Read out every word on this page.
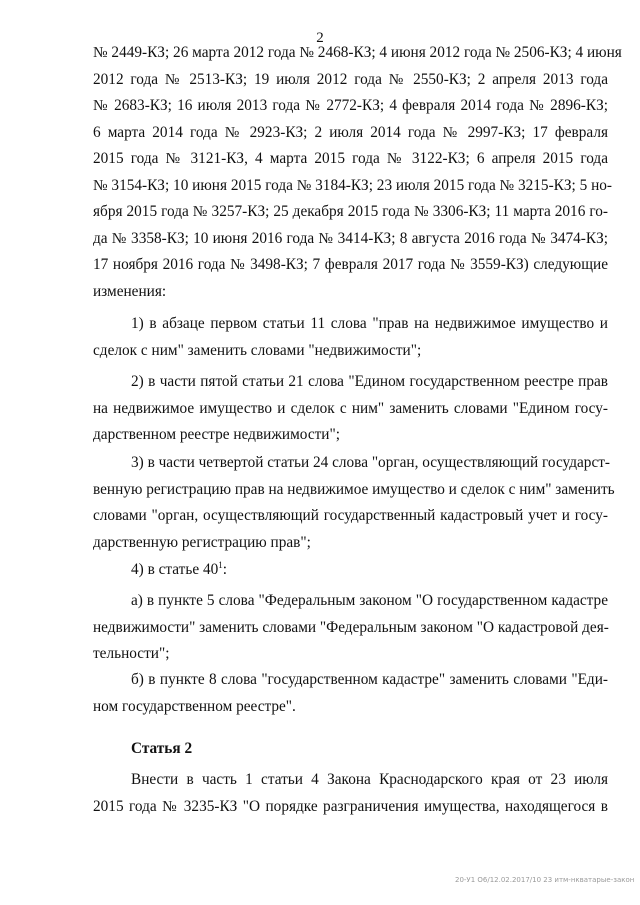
2
№ 2449-КЗ; 26 марта 2012 года № 2468-КЗ; 4 июня 2012 года № 2506-КЗ; 4 июня
2012 года № 2513-КЗ; 19 июля 2012 года № 2550-КЗ; 2 апреля 2013 года
№ 2683-КЗ; 16 июля 2013 года № 2772-КЗ; 4 февраля 2014 года № 2896-КЗ;
6 марта 2014 года № 2923-КЗ; 2 июля 2014 года № 2997-КЗ; 17 февраля
2015 года № 3121-КЗ, 4 марта 2015 года № 3122-КЗ; 6 апреля 2015 года
№ 3154-КЗ; 10 июня 2015 года № 3184-КЗ; 23 июля 2015 года № 3215-КЗ; 5 но-
ября 2015 года № 3257-КЗ; 25 декабря 2015 года № 3306-КЗ; 11 марта 2016 го-
да № 3358-КЗ; 10 июня 2016 года № 3414-КЗ; 8 августа 2016 года № 3474-КЗ;
17 ноября 2016 года № 3498-КЗ; 7 февраля 2017 года № 3559-КЗ) следующие
изменения:
1) в абзаце первом статьи 11 слова "прав на недвижимое имущество и
сделок с ним" заменить словами "недвижимости";
2) в части пятой статьи 21 слова "Едином государственном реестре прав
на недвижимое имущество и сделок с ним" заменить словами "Едином госу-
дарственном реестре недвижимости";
3) в части четвертой статьи 24 слова "орган, осуществляющий государст-
венную регистрацию прав на недвижимое имущество и сделок с ним" заменить
словами "орган, осуществляющий государственный кадастровый учет и госу-
дарственную регистрацию прав";
4) в статье $40^1$:
а) в пункте 5 слова "Федеральным законом "О государственном кадастре
недвижимости" заменить словами "Федеральным законом "О кадастровой дея-
тельности";
б) в пункте 8 слова "государственном кадастре" заменить словами "Еди-
ном государственном реестре".
Статья 2
Внести в часть 1 статьи 4 Закона Краснодарского края от 23 июля
2015 года № 3235-КЗ "О порядке разграничения имущества, находящегося в
20-У1 О6/12.02.2017/10 23 итм-нкватарые-закон
